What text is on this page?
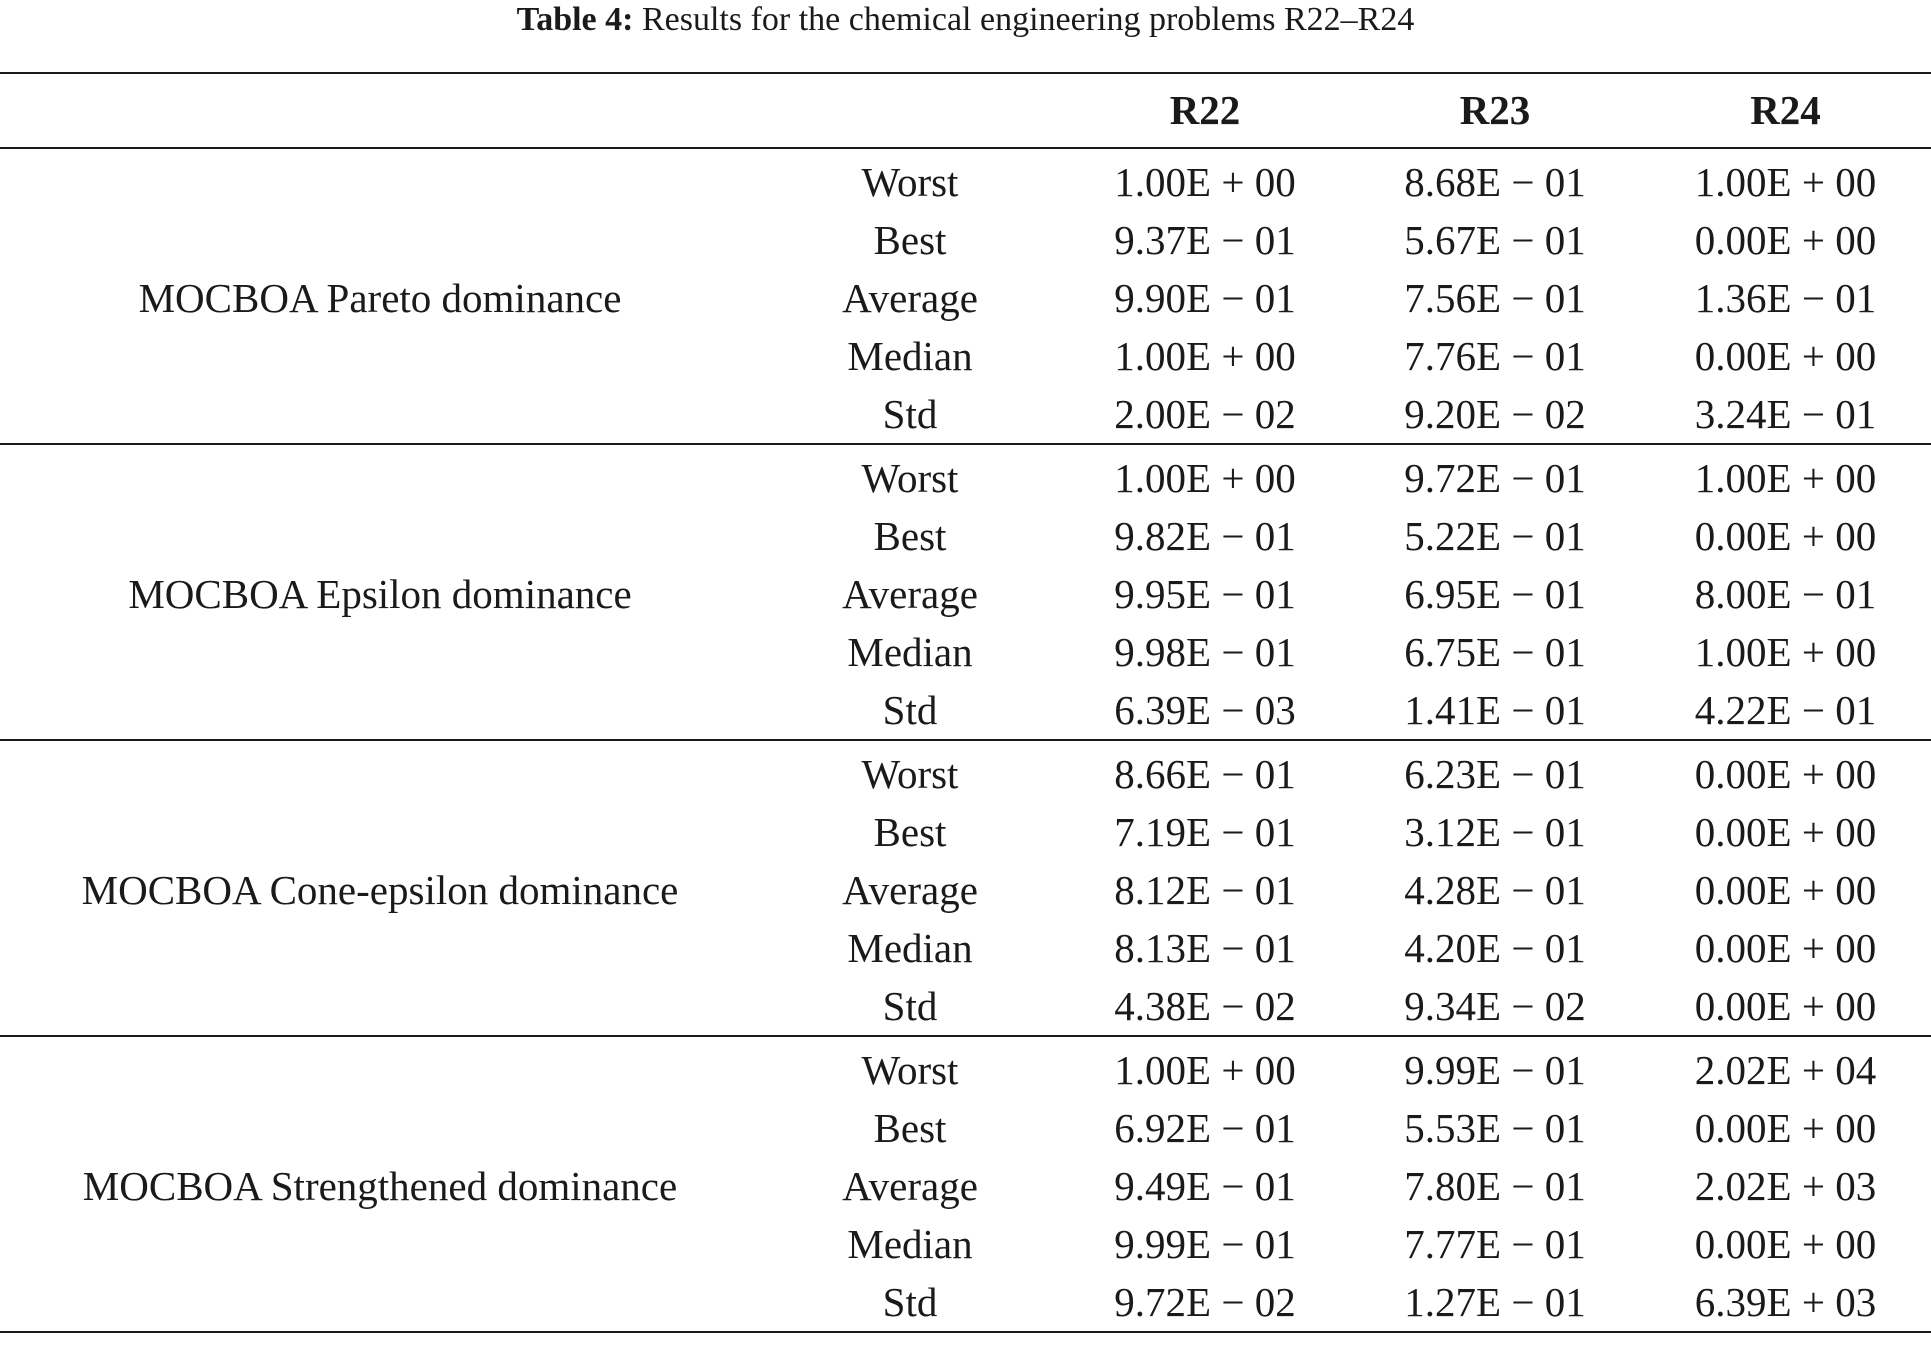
Table 4: Results for the chemical engineering problems R22–R24
		R22	R23	R24
MOCBOA Pareto dominance	Worst	1.00E + 00	8.68E − 01	1.00E + 00
	Best	9.37E − 01	5.67E − 01	0.00E + 00
	Average	9.90E − 01	7.56E − 01	1.36E − 01
	Median	1.00E + 00	7.76E − 01	0.00E + 00
	Std	2.00E − 02	9.20E − 02	3.24E − 01
MOCBOA Epsilon dominance	Worst	1.00E + 00	9.72E − 01	1.00E + 00
	Best	9.82E − 01	5.22E − 01	0.00E + 00
	Average	9.95E − 01	6.95E − 01	8.00E − 01
	Median	9.98E − 01	6.75E − 01	1.00E + 00
	Std	6.39E − 03	1.41E − 01	4.22E − 01
MOCBOA Cone-epsilon dominance	Worst	8.66E − 01	6.23E − 01	0.00E + 00
	Best	7.19E − 01	3.12E − 01	0.00E + 00
	Average	8.12E − 01	4.28E − 01	0.00E + 00
	Median	8.13E − 01	4.20E − 01	0.00E + 00
	Std	4.38E − 02	9.34E − 02	0.00E + 00
MOCBOA Strengthened dominance	Worst	1.00E + 00	9.99E − 01	2.02E + 04
	Best	6.92E − 01	5.53E − 01	0.00E + 00
	Average	9.49E − 01	7.80E − 01	2.02E + 03
	Median	9.99E − 01	7.77E − 01	0.00E + 00
	Std	9.72E − 02	1.27E − 01	6.39E + 03
